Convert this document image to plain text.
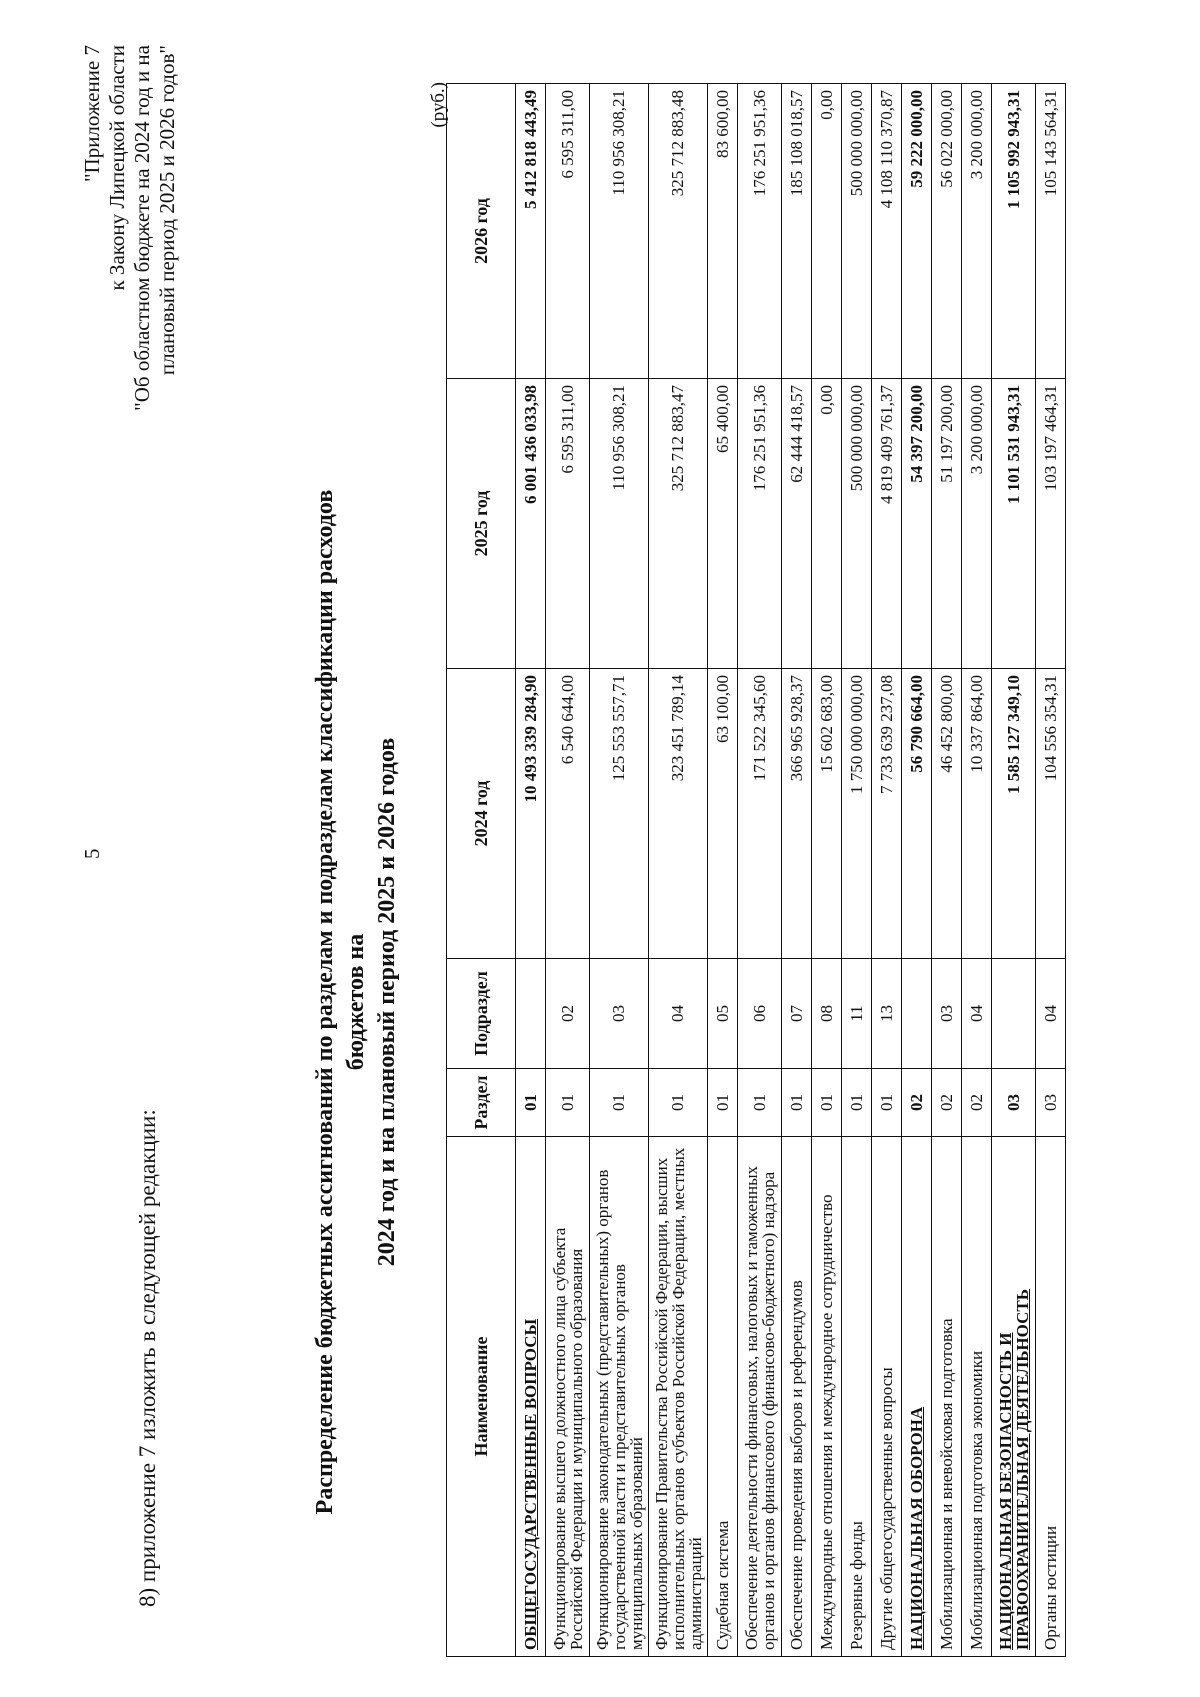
5
8) приложение 7 изложить в следующей редакции:
"Приложение 7 к Закону Липецкой области "Об областном бюджете на 2024 год и на плановый период 2025 и 2026 годов"
Распределение бюджетных ассигнований по разделам и подразделам классификации расходов бюджетов на 2024 год и на плановый период 2025 и 2026 годов
(руб.)
Наименование	Раздел	Подраздел	2024 год	2025 год	2026 год
ОБЩЕГОСУДАРСТВЕННЫЕ ВОПРОСЫ	01		10 493 339 284,90	6 001 436 033,98	5 412 818 443,49
Функционирование высшего должностного лица субъекта Российской Федерации и муниципального образования	01	02	6 540 644,00	6 595 311,00	6 595 311,00
Функционирование законодательных (представительных) органов государственной власти и представительных органов муниципальных образований	01	03	125 553 557,71	110 956 308,21	110 956 308,21
Функционирование Правительства Российской Федерации, высших исполнительных органов субъектов Российской Федерации, местных администраций	01	04	323 451 789,14	325 712 883,47	325 712 883,48
Судебная система	01	05	63 100,00	65 400,00	83 600,00
Обеспечение деятельности финансовых, налоговых и таможенных органов и органов финансового (финансово-бюджетного) надзора	01	06	171 522 345,60	176 251 951,36	176 251 951,36
Обеспечение проведения выборов и референдумов	01	07	366 965 928,37	62 444 418,57	185 108 018,57
Международные отношения и международное сотрудничество	01	08	15 602 683,00	0,00	0,00
Резервные фонды	01	11	1 750 000 000,00	500 000 000,00	500 000 000,00
Другие общегосударственные вопросы	01	13	7 733 639 237,08	4 819 409 761,37	4 108 110 370,87
НАЦИОНАЛЬНАЯ ОБОРОНА	02		56 790 664,00	54 397 200,00	59 222 000,00
Мобилизационная и вневойсковая подготовка	02	03	46 452 800,00	51 197 200,00	56 022 000,00
Мобилизационная подготовка экономики	02	04	10 337 864,00	3 200 000,00	3 200 000,00
НАЦИОНАЛЬНАЯ БЕЗОПАСНОСТЬ И ПРАВООХРАНИТЕЛЬНАЯ ДЕЯТЕЛЬНОСТЬ	03		1 585 127 349,10	1 101 531 943,31	1 105 992 943,31
Органы юстиции	03	04	104 556 354,31	103 197 464,31	105 143 564,31
